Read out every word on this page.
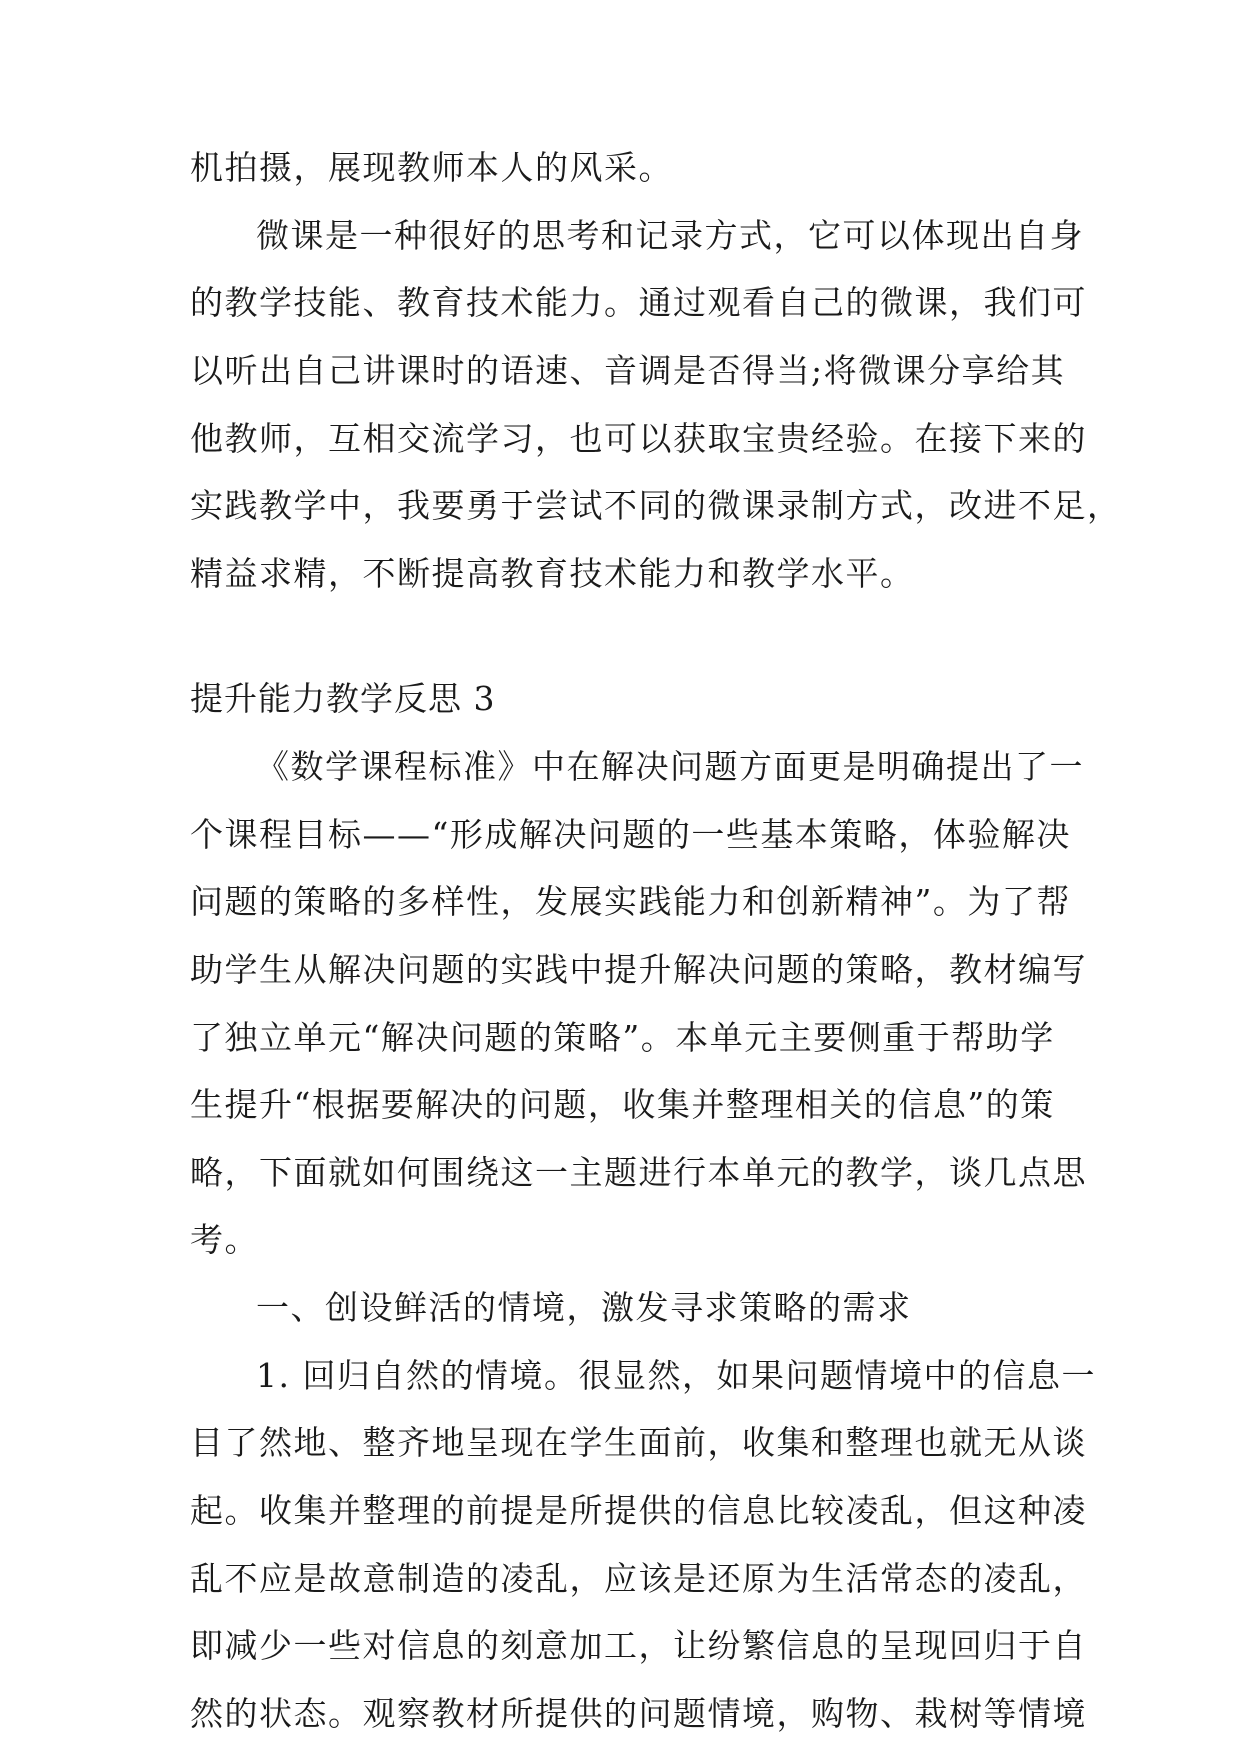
机拍摄，展现教师本人的风采。
微课是一种很好的思考和记录方式，它可以体现出自身
的教学技能、教育技术能力。通过观看自己的微课，我们可
以听出自己讲课时的语速、音调是否得当;将微课分享给其
他教师，互相交流学习，也可以获取宝贵经验。在接下来的
实践教学中，我要勇于尝试不同的微课录制方式，改进不足，
精益求精，不断提高教育技术能力和教学水平。
提升能力教学反思 3
《数学课程标准》中在解决问题方面更是明确提出了一
个课程目标——“形成解决问题的一些基本策略，体验解决
问题的策略的多样性，发展实践能力和创新精神”。为了帮
助学生从解决问题的实践中提升解决问题的策略，教材编写
了独立单元“解决问题的策略”。本单元主要侧重于帮助学
生提升“根据要解决的问题，收集并整理相关的信息”的策
略，下面就如何围绕这一主题进行本单元的教学，谈几点思
考。
一、创设鲜活的情境，激发寻求策略的需求
1. 回归自然的情境。很显然，如果问题情境中的信息一
目了然地、整齐地呈现在学生面前，收集和整理也就无从谈
起。收集并整理的前提是所提供的信息比较凌乱，但这种凌
乱不应是故意制造的凌乱，应该是还原为生活常态的凌乱，
即减少一些对信息的刻意加工，让纷繁信息的呈现回归于自
然的状态。观察教材所提供的问题情境，购物、栽树等情境
